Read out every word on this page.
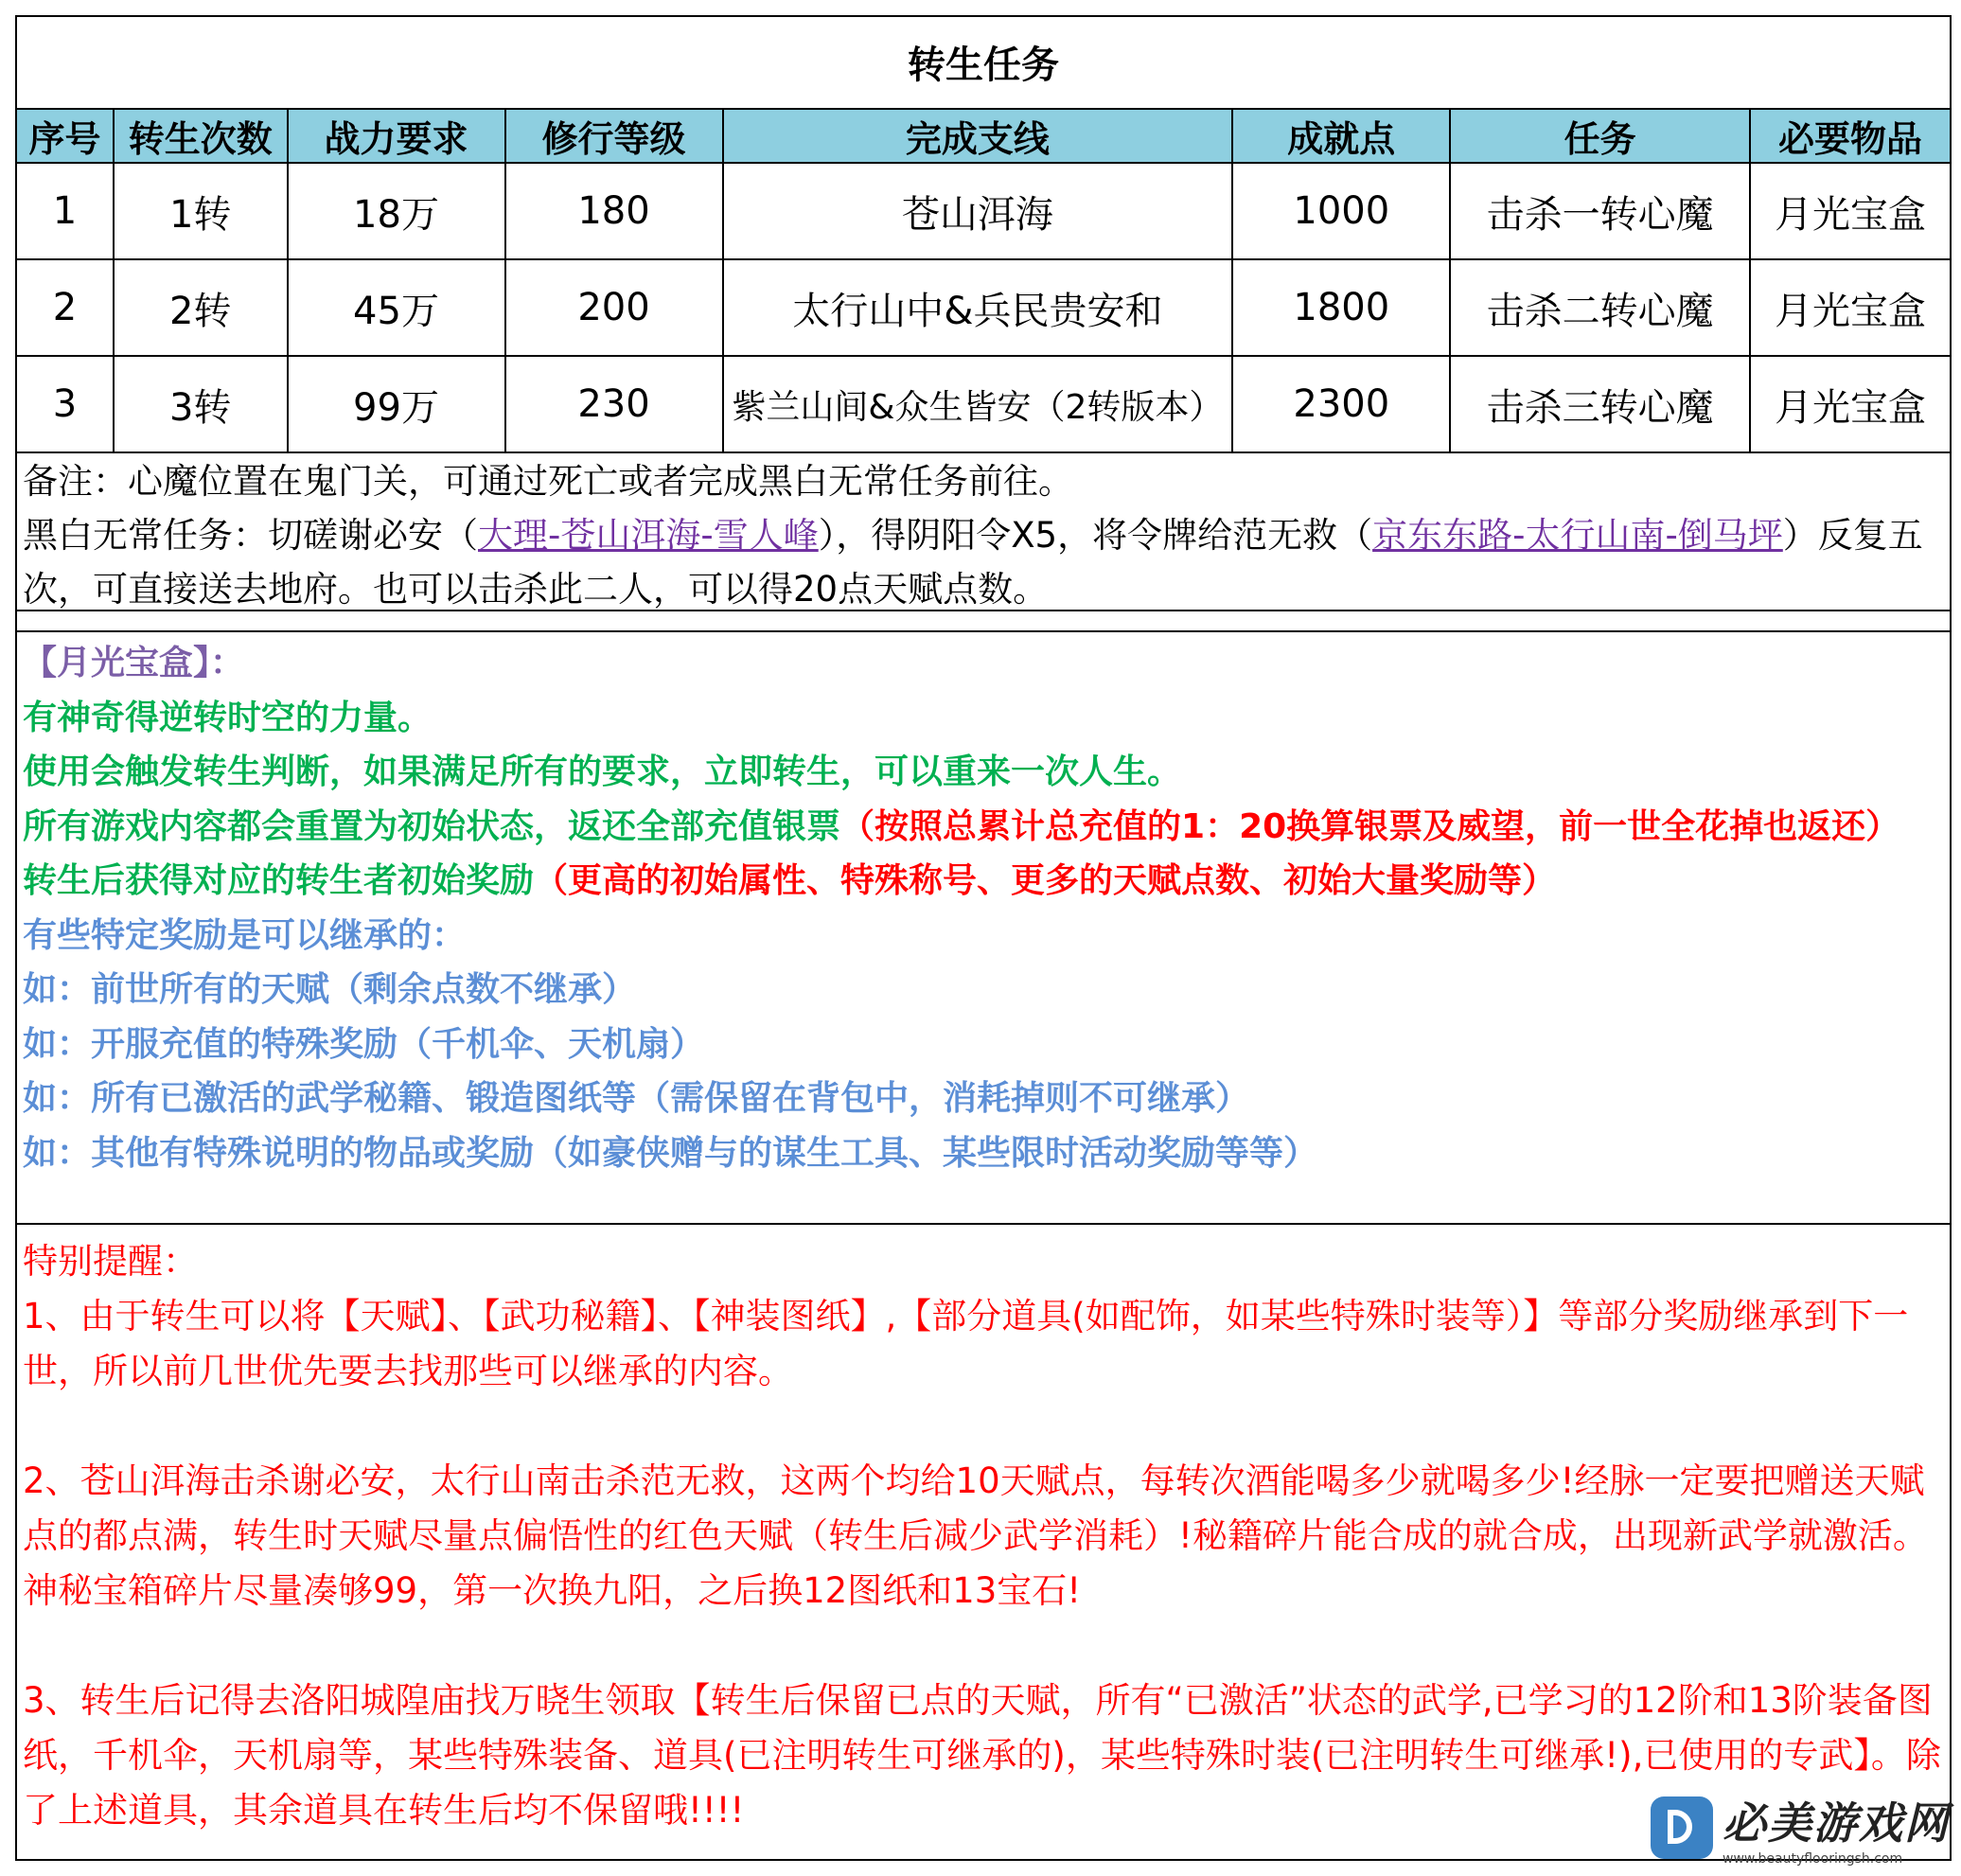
转生任务
序号	转生次数	战力要求	修行等级	完成支线	成就点	任务	必要物品
1	1转	18万	180	苍山洱海	1000	击杀一转心魔	月光宝盒
2	2转	45万	200	太行山中&兵民贵安和	1800	击杀二转心魔	月光宝盒
3	3转	99万	230	紫兰山间&众生皆安（2转版本）	2300	击杀三转心魔	月光宝盒
备注：心魔位置在鬼门关，可通过死亡或者完成黑白无常任务前往。
黑白无常任务：切磋谢必安（大理-苍山洱海-雪人峰），得阴阳令X5，将令牌给范无救（京东东路-太行山南-倒马坪）反复五次，可直接送去地府。也可以击杀此二人，可以得20点天赋点数。
【月光宝盒】：
有神奇得逆转时空的力量。
使用会触发转生判断，如果满足所有的要求，立即转生，可以重来一次人生。
所有游戏内容都会重置为初始状态，返还全部充值银票（按照总累计总充值的1：20换算银票及威望，前一世全花掉也返还）
转生后获得对应的转生者初始奖励（更高的初始属性、特殊称号、更多的天赋点数、初始大量奖励等）
有些特定奖励是可以继承的：
如：前世所有的天赋（剩余点数不继承）
如：开服充值的特殊奖励（千机伞、天机扇）
如：所有已激活的武学秘籍、锻造图纸等（需保留在背包中，消耗掉则不可继承）
如：其他有特殊说明的物品或奖励（如豪侠赠与的谋生工具、某些限时活动奖励等等）
特别提醒：
1、由于转生可以将【天赋】、【武功秘籍】、【神装图纸】,【部分道具(如配饰，如某些特殊时装等）】等部分奖励继承到下一世，所以前几世优先要去找那些可以继承的内容。
2、苍山洱海击杀谢必安，太行山南击杀范无救，这两个均给10天赋点，每转次酒能喝多少就喝多少!经脉一定要把赠送天赋点的都点满，转生时天赋尽量点偏悟性的红色天赋（转生后减少武学消耗）!秘籍碎片能合成的就合成，出现新武学就激活。神秘宝箱碎片尽量凑够99，第一次换九阳，之后换12图纸和13宝石!
3、转生后记得去洛阳城隍庙找万晓生领取【转生后保留已点的天赋，所有“已激活”状态的武学,已学习的12阶和13阶装备图纸，千机伞，天机扇等，某些特殊装备、道具(已注明转生可继承的)，某些特殊时装(已注明转生可继承!),已使用的专武】。除了上述道具，其余道具在转生后均不保留哦!!!!	必美游戏网
www.beautyflooringsh.com
